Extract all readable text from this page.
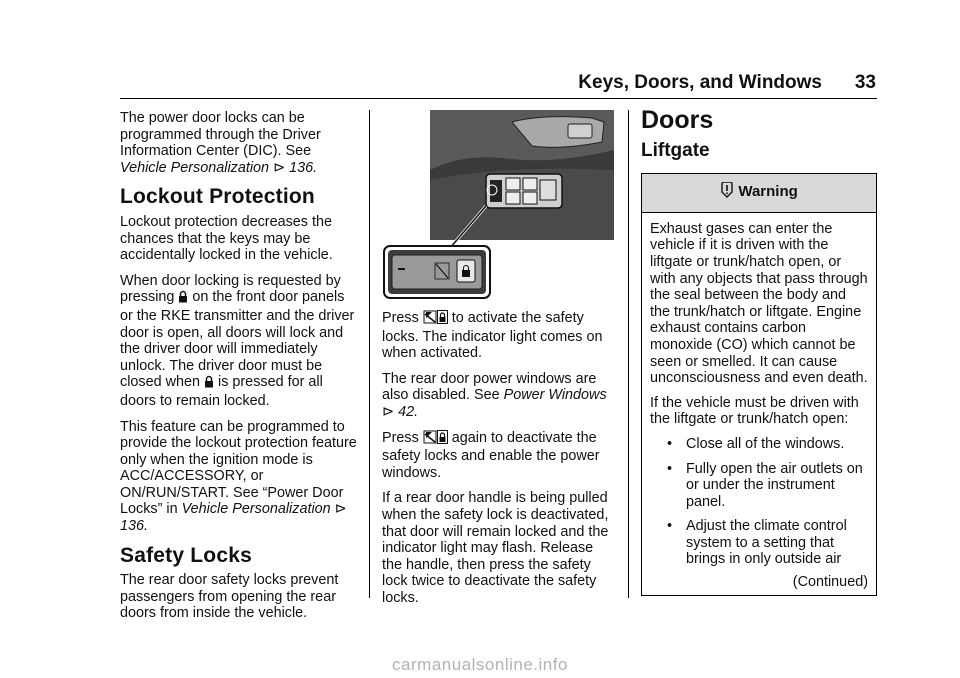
Keys, Doors, and Windows 33

The power door locks can be programmed through the Driver Information Center (DIC). See Vehicle Personalization ⊳ 136.

Lockout Protection

Lockout protection decreases the chances that the keys may be accidentally locked in the vehicle.

When door locking is requested by pressing  on the front door panels or the RKE transmitter and the driver door is open, all doors will lock and the driver door will immediately unlock. The driver door must be closed when  is pressed for all doors to remain locked.

This feature can be programmed to provide the lockout protection feature only when the ignition mode is ACC/ACCESSORY, or ON/RUN/START. See “Power Door Locks” in Vehicle Personalization ⊳ 136.

Safety Locks

The rear door safety locks prevent passengers from opening the rear doors from inside the vehicle.

Press  to activate the safety locks. The indicator light comes on when activated.

The rear door power windows are also disabled. See Power Windows
⊳ 42.

Press  again to deactivate the safety locks and enable the power windows.

If a rear door handle is being pulled when the safety lock is deactivated, that door will remain locked and the indicator light may flash. Release the handle, then press the safety lock twice to deactivate the safety locks.

Doors
Liftgate
Warning

Exhaust gases can enter the vehicle if it is driven with the liftgate or trunk/hatch open, or with any objects that pass through the seal between the body and the trunk/hatch or liftgate. Engine exhaust contains carbon monoxide (CO) which cannot be seen or smelled. It can cause unconsciousness and even death.

If the vehicle must be driven with the liftgate or trunk/hatch open:

• Close all of the windows.
• Fully open the air outlets on or under the instrument panel.
• Adjust the climate control system to a setting that brings in only outside air
(Continued)
carmanualsonline.info
